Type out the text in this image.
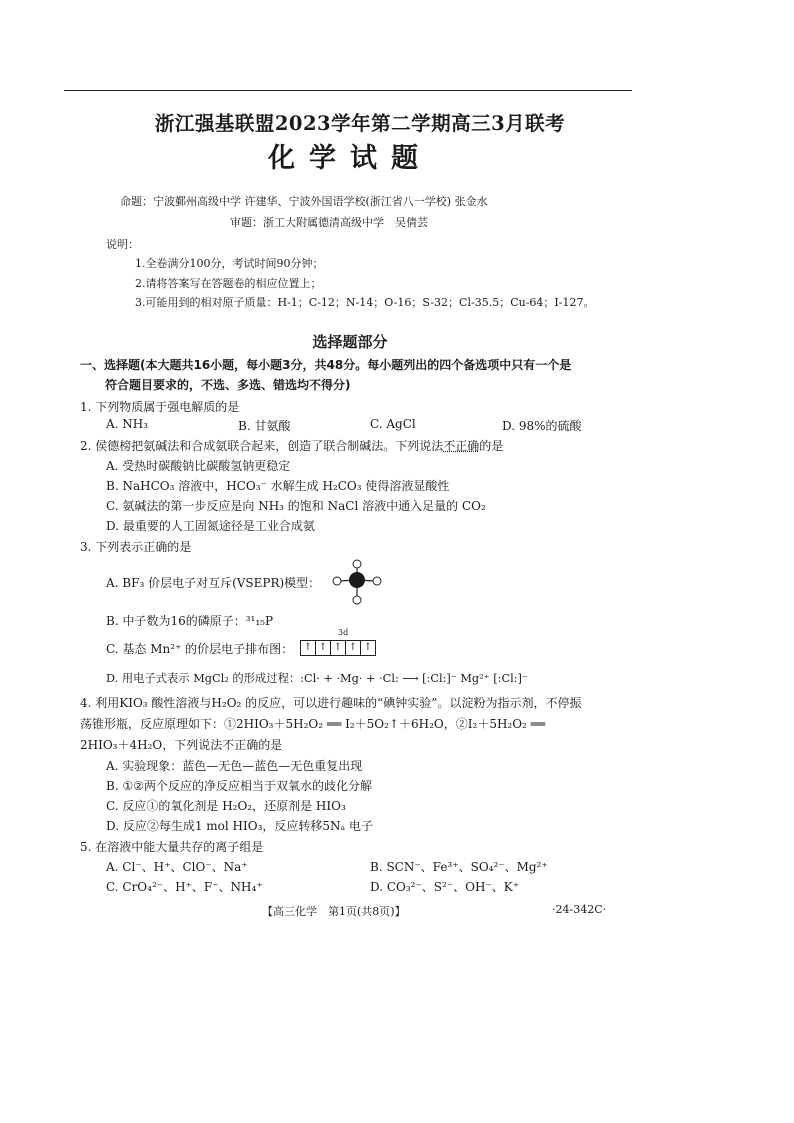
浙江强基联盟2023学年第二学期高三3月联考
化学试题
命题：宁波鄞州高级中学 许建华、宁波外国语学校(浙江省八一学校) 张金水
审题：浙工大附属德清高级中学　吴倩芸
说明：
1.全卷满分100分，考试时间90分钟；
2.请将答案写在答题卷的相应位置上；
3.可能用到的相对原子质量：H-1；C-12；N-14；O-16；S-32；Cl-35.5；Cu-64；I-127。
选择题部分
一、选择题(本大题共16小题，每小题3分，共48分。每小题列出的四个备选项中只有一个是
符合题目要求的，不选、多选、错选均不得分)
1. 下列物质属于强电解质的是
A. NH₃	B. 甘氨酸	C. AgCl	D. 98%的硫酸
2. 侯德榜把氨碱法和合成氨联合起来，创造了联合制碱法。下列说法不正确的是
A. 受热时碳酸钠比碳酸氢钠更稳定
B. NaHCO₃ 溶液中，HCO₃⁻ 水解生成 H₂CO₃ 使得溶液显酸性
C. 氨碱法的第一步反应是向 NH₃ 的饱和 NaCl 溶液中通入足量的 CO₂
D. 最重要的人工固氮途径是工业合成氨
3. 下列表示正确的是
A. BF₃ 价层电子对互斥(VSEPR)模型：
B. 中子数为16的磷原子：³¹₁₅P
C. 基态 Mn²⁺ 的价层电子排布图：
3d
↑ ↑ ↑ ↑ ↑
D. 用电子式表示 MgCl₂ 的形成过程：:Cl· + ·Mg· + ·Cl: ⟶ [:Cl:]⁻ Mg²⁺ [:Cl:]⁻
4. 利用KIO₃ 酸性溶液与H₂O₂ 的反应，可以进行趣味的“碘钟实验”。以淀粉为指示剂，不停振
荡锥形瓶，反应原理如下：①2HIO₃＋5H₂O₂ ══ I₂＋5O₂↑＋6H₂O，②I₂＋5H₂O₂ ══
2HIO₃＋4H₂O，下列说法不正确的是
A. 实验现象：蓝色—无色—蓝色—无色重复出现
B. ①②两个反应的净反应相当于双氧水的歧化分解
C. 反应①的氧化剂是 H₂O₂，还原剂是 HIO₃
D. 反应②每生成1 mol HIO₃，反应转移5Nₐ 电子
5. 在溶液中能大量共存的离子组是
A. Cl⁻、H⁺、ClO⁻、Na⁺	B. SCN⁻、Fe³⁺、SO₄²⁻、Mg²⁺
C. CrO₄²⁻、H⁺、F⁻、NH₄⁺	D. CO₃²⁻、S²⁻、OH⁻、K⁺
【高三化学　第1页(共8页)】	·24-342C·
